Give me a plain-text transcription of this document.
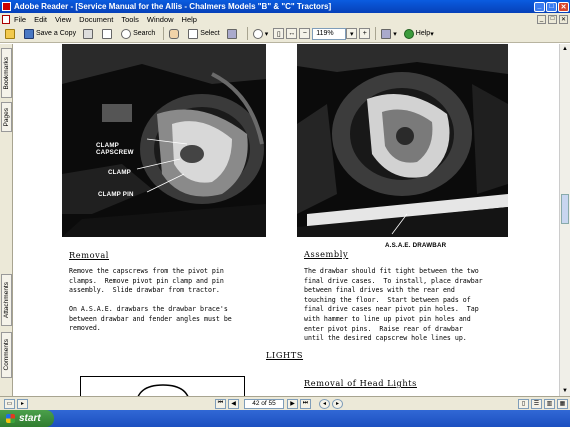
Adobe Reader - [Service Manual for the Allis - Chalmers Models "B" & "C" Tractors]	_	□ ✕
File Edit View Document Tools Window Help	_	□	✕
Save a Copy	Search	Select	▾ ▯ ↔ −	119%	▾ +	▾	Help ▾
Bookmarks
Pages
Attachments
Comments
CLAMP
CAPSCREW
CLAMP
CLAMP PIN
A.S.A.E. DRAWBAR
Removal
Remove the capscrews from the pivot pin
clamps.  Remove pivot pin clamp and pin
assembly.  Slide drawbar from tractor.
On A.S.A.E. drawbars the drawbar brace's
between drawbar and fender angles must be
removed.
Assembly
The drawbar should fit tight between the two
final drive cases.  To install, place drawbar
between final drives with the rear end
touching the floor.  Start between pads of
final drive cases near pivot pin holes.  Tap
with hammer to line up pivot pin holes and
enter pivot pins.  Raise rear of drawbar
until the desired capscrew hole lines up.
LIGHTS
Removal of Head Lights
▲
▼
▭ ▸	⏮ ◀	42 of 55	▶ ⏭ ◂ ▸	▯ ☰ ▥ ▦
start
